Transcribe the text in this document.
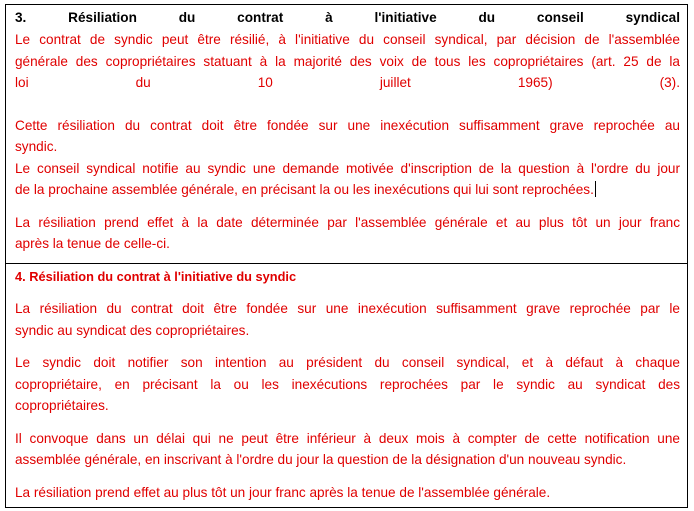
3. Résiliation du contrat à l'initiative du conseil syndical
Le contrat de syndic peut être résilié, à l'initiative du conseil syndical, par décision de l'assemblée
générale des copropriétaires statuant à la majorité des voix de tous les copropriétaires (art. 25 de la
loi du 10 juillet 1965) (3).
Cette résiliation du contrat doit être fondée sur une inexécution suffisamment grave reprochée au
syndic.
Le conseil syndical notifie au syndic une demande motivée d'inscription de la question à l'ordre du jour
de la prochaine assemblée générale, en précisant la ou les inexécutions qui lui sont reprochées.
La résiliation prend effet à la date déterminée par l'assemblée générale et au plus tôt un jour franc
après la tenue de celle-ci.
4. Résiliation du contrat à l'initiative du syndic
La résiliation du contrat doit être fondée sur une inexécution suffisamment grave reprochée par le
syndic au syndicat des copropriétaires.
Le syndic doit notifier son intention au président du conseil syndical, et à défaut à chaque
copropriétaire, en précisant la ou les inexécutions reprochées par le syndic au syndicat des
copropriétaires.
Il convoque dans un délai qui ne peut être inférieur à deux mois à compter de cette notification une
assemblée générale, en inscrivant à l'ordre du jour la question de la désignation d'un nouveau syndic.
La résiliation prend effet au plus tôt un jour franc après la tenue de l'assemblée générale.
